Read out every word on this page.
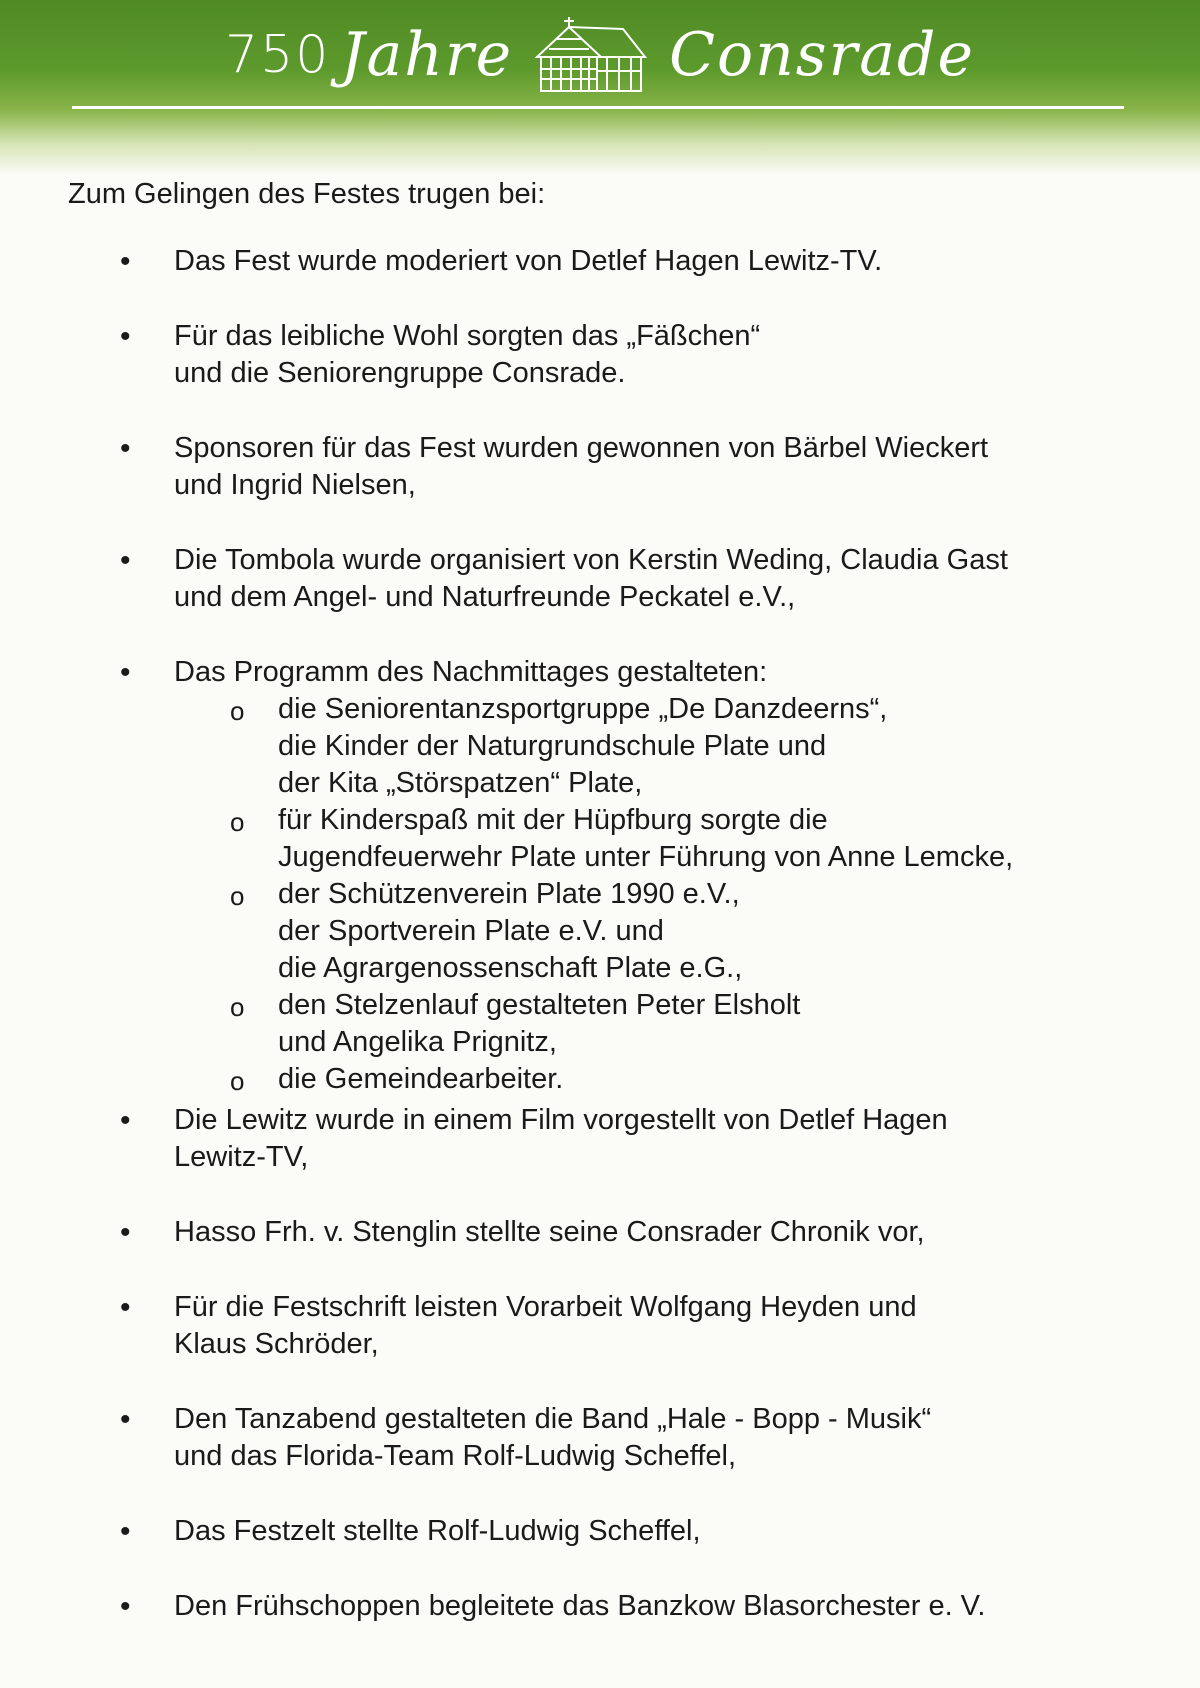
750
Jahre	Consrade

Zum Gelingen des Festes trugen bei:

• Das Fest wurde moderiert von Detlef Hagen Lewitz-TV.
• Für das leibliche Wohl sorgten das „Fäßchen“
und die Seniorengruppe Consrade.
• Sponsoren für das Fest wurden gewonnen von Bärbel Wieckert
und Ingrid Nielsen,
• Die Tombola wurde organisiert von Kerstin Weding, Claudia Gast
und dem Angel- und Naturfreunde Peckatel e.V.,
• Das Programm des Nachmittages gestalteten:
o die Seniorentanzsportgruppe „De Danzdeerns“,
die Kinder der Naturgrundschule Plate und
der Kita „Störspatzen“ Plate,
o für Kinderspaß mit der Hüpfburg sorgte die
Jugendfeuerwehr Plate unter Führung von Anne Lemcke,
o der Schützenverein Plate 1990 e.V.,
der Sportverein Plate e.V. und
die Agrargenossenschaft Plate e.G.,
o den Stelzenlauf gestalteten Peter Elsholt
und Angelika Prignitz,
o die Gemeindearbeiter.
• Die Lewitz wurde in einem Film vorgestellt von Detlef Hagen
Lewitz-TV,
• Hasso Frh. v. Stenglin stellte seine Consrader Chronik vor,
• Für die Festschrift leisten Vorarbeit Wolfgang Heyden und
Klaus Schröder,
• Den Tanzabend gestalteten die Band „Hale - Bopp - Musik“
und das Florida-Team Rolf-Ludwig Scheffel,
• Das Festzelt stellte Rolf-Ludwig Scheffel,
• Den Frühschoppen begleitete das Banzkow Blasorchester e. V.
